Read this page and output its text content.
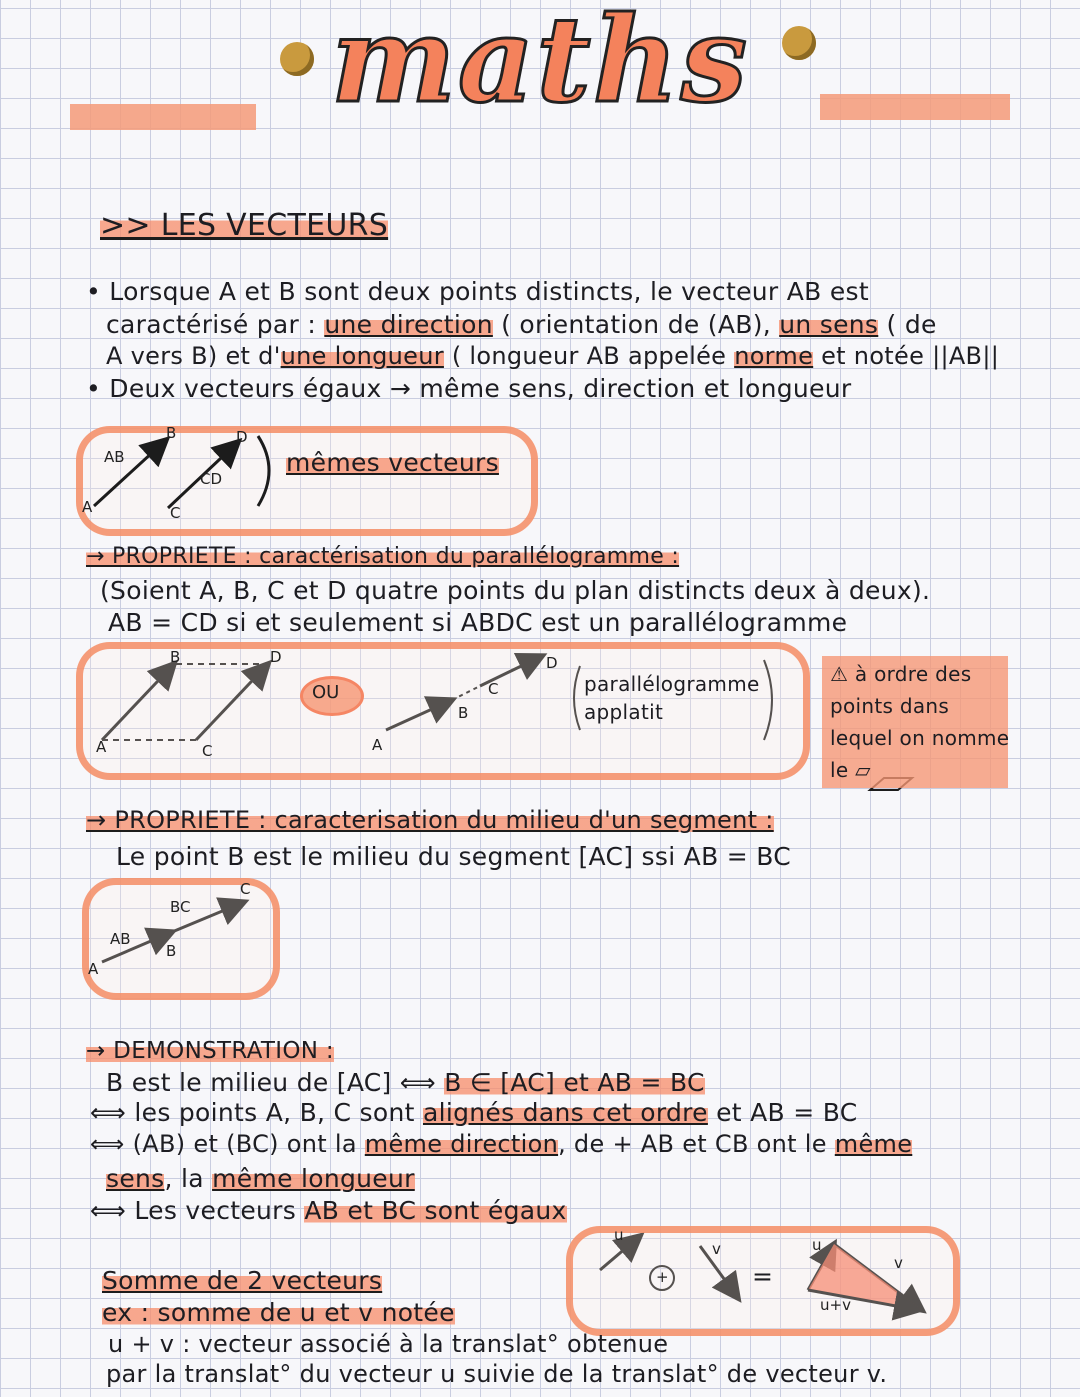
maths
>> LES VECTEURS
• Lorsque A et B sont deux points distincts, le vecteur AB est
caractérisé par : une direction ( orientation de (AB), un sens ( de
A vers B) et d'une longueur ( longueur AB appelée norme et notée ||AB||
• Deux vecteurs égaux → même sens, direction et longueur
AB
CD
A
B
C
D
mêmes vecteurs
→ PROPRIETE : caractérisation du parallélogramme :
(Soient A, B, C et D quatre points du plan distincts deux à deux).
AB = CD si et seulement si ABDC est un parallélogramme
A
B
C
D
OU
A
B
C
D
parallélogramme
applatit
⚠ à ordre des
points dans
lequel on nomme
le ▱
→ PROPRIETE : caracterisation du milieu d'un segment :
Le point B est le milieu du segment [AC] ssi AB = BC
AB
BC
A
B
C
→ DEMONSTRATION :
B est le milieu de [AC] ⟺ B ∈ [AC] et AB = BC
⟺ les points A, B, C sont alignés dans cet ordre et AB = BC
⟺ (AB) et (BC) ont la même direction, de + AB et CB ont le même
sens, la même longueur
⟺ Les vecteurs AB et BC sont égaux
u
+
v
=
u
v
u+v
Somme de 2 vecteurs
ex : somme de u et v notée
u + v : vecteur associé à la translat° obtenue
par la translat° du vecteur u suivie de la translat° de vecteur v.
